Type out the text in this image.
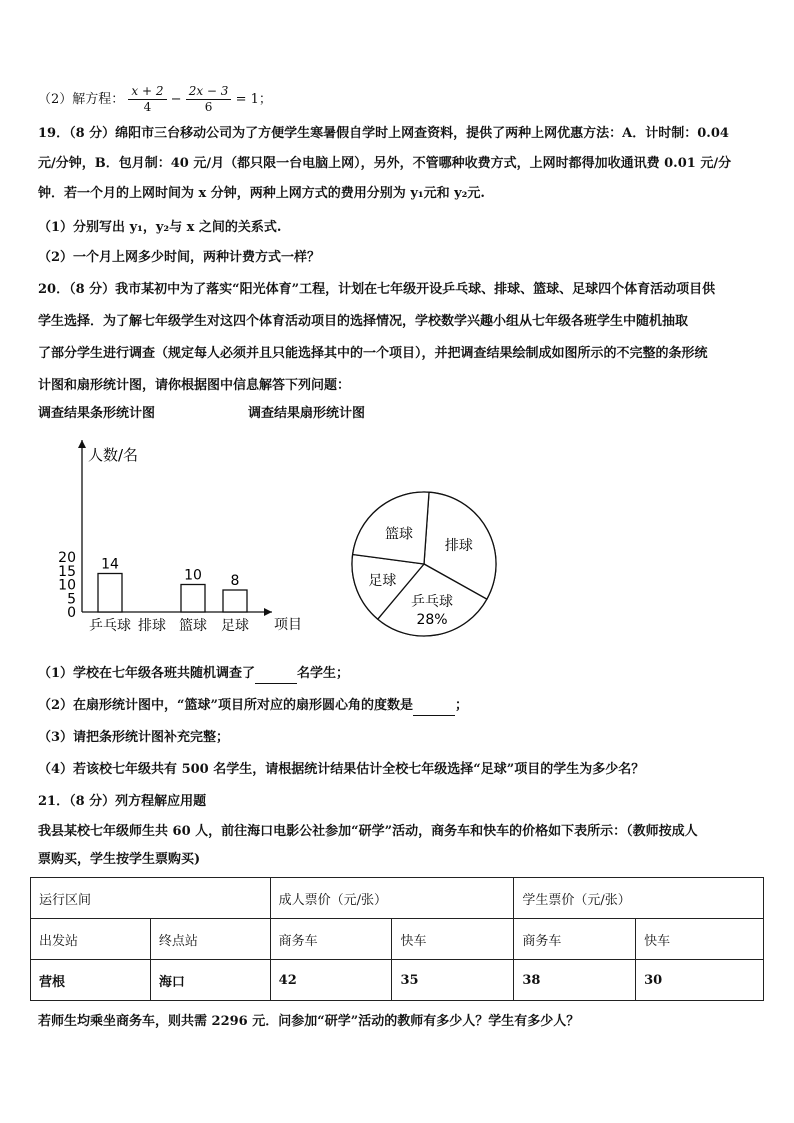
（2）解方程： $\frac{x + 2}{4} - \frac{2x - 3}{6} = 1$；
19．（8 分）绵阳市三台移动公司为了方便学生寒暑假自学时上网查资料，提供了两种上网优惠方法：A．计时制：0.04
元/分钟，B．包月制：40 元/月（都只限一台电脑上网），另外，不管哪种收费方式，上网时都得加收通讯费 0.01 元/分
钟．若一个月的上网时间为 x 分钟，两种上网方式的费用分别为 y₁元和 y₂元.
（1）分别写出 y₁，y₂与 x 之间的关系式.
（2）一个月上网多少时间，两种计费方式一样？
20．（8 分）我市某初中为了落实“阳光体育”工程，计划在七年级开设乒乓球、排球、篮球、足球四个体育活动项目供
学生选择．为了解七年级学生对这四个体育活动项目的选择情况，学校数学兴趣小组从七年级各班学生中随机抽取
了部分学生进行调查（规定每人必须并且只能选择其中的一个项目），并把调查结果绘制成如图所示的不完整的条形统
计图和扇形统计图，请你根据图中信息解答下列问题：
调查结果条形统计图	调查结果扇形统计图
人数/名
项目
0
5
10
15
20 14
乒乓球 排球
10
篮球
8
足球
排球
乒乓球
28%
足球
篮球
（1）学校在七年级各班共随机调查了	名学生；
（2）在扇形统计图中，“篮球”项目所对应的扇形圆心角的度数是	；
（3）请把条形统计图补充完整；
（4）若该校七年级共有 500 名学生，请根据统计结果估计全校七年级选择“足球”项目的学生为多少名？
21．（8 分）列方程解应用题
我县某校七年级师生共 60 人，前往海口电影公社参加“研学”活动，商务车和快车的价格如下表所示：（教师按成人
票购买，学生按学生票购买)
运行区间		成人票价（元/张）		学生票价（元/张）	
出发站	终点站	商务车	快车	商务车	快车
营根	海口	42	35	38	30
若师生均乘坐商务车，则共需 2296 元．问参加“研学”活动的教师有多少人？学生有多少人？
